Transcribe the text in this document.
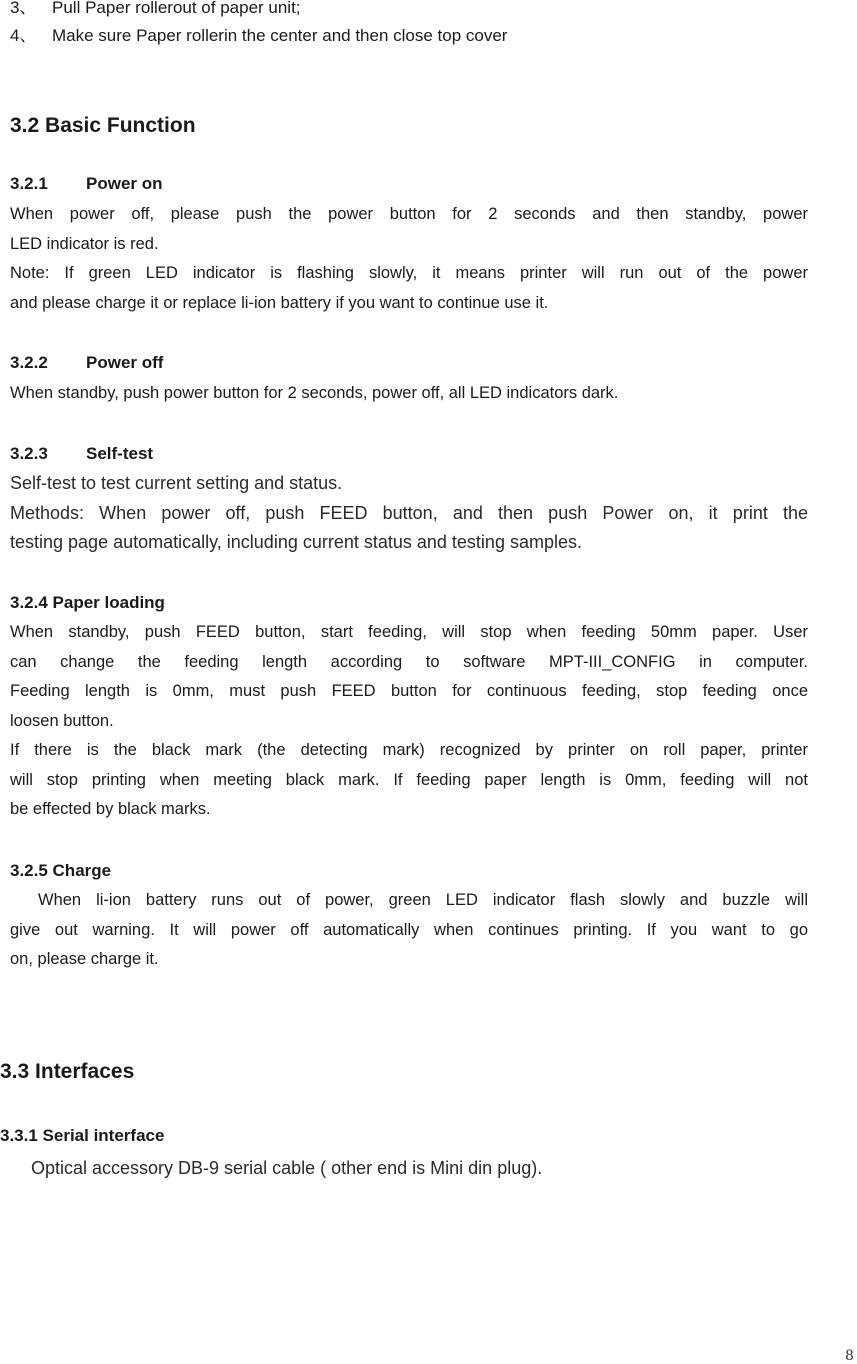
3、 Pull Paper rollerout of paper unit;
4、 Make sure Paper rollerin the center and then close top cover
3.2 Basic Function
3.2.1 Power on
When power off, please push the power button for 2 seconds and then standby, power
LED indicator is red.
Note: If green LED indicator is flashing slowly, it means printer will run out of the power
and please charge it or replace li-ion battery if you want to continue use it.
3.2.2 Power off
When standby, push power button for 2 seconds, power off, all LED indicators dark.
3.2.3 Self-test
Self-test to test current setting and status.
Methods: When power off, push FEED button, and then push Power on, it print the
testing page automatically, including current status and testing samples.
3.2.4 Paper loading
When standby, push FEED button, start feeding, will stop when feeding 50mm paper. User
can change the feeding length according to software MPT-III_CONFIG in computer.
Feeding length is 0mm, must push FEED button for continuous feeding, stop feeding once
loosen button.
If there is the black mark (the detecting mark) recognized by printer on roll paper, printer
will stop printing when meeting black mark. If feeding paper length is 0mm, feeding will not
be effected by black marks.
3.2.5 Charge
When li-ion battery runs out of power, green LED indicator flash slowly and buzzle will
give out warning. It will power off automatically when continues printing. If you want to go
on, please charge it.
3.3 Interfaces
3.3.1 Serial interface

Optical accessory DB-9 serial cable ( other end is Mini din plug).

8
